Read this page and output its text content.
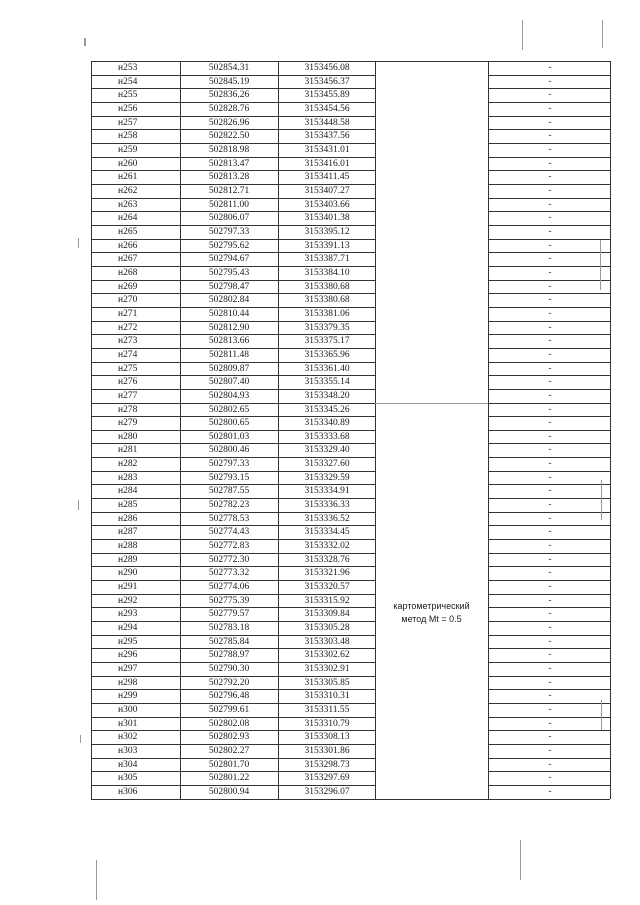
картометрический
метод Mt = 0.5
н253	502854.31	3153456.08	-
н254	502845.19	3153456.37	-
н255	502836.26	3153455.89	-
н256	502828.76	3153454.56	-
н257	502826.96	3153448.58	-
н258	502822.50	3153437.56	-
н259	502818.98	3153431.01	-
н260	502813.47	3153416.01	-
н261	502813.28	3153411.45	-
н262	502812.71	3153407.27	-
н263	502811.00	3153403.66	-
н264	502806.07	3153401.38	-
н265	502797.33	3153395.12	-
н266	502795.62	3153391.13	-
н267	502794.67	3153387.71	-
н268	502795.43	3153384.10	-
н269	502798.47	3153380.68	-
н270	502802.84	3153380.68	-
н271	502810.44	3153381.06	-
н272	502812.90	3153379.35	-
н273	502813.66	3153375.17	-
н274	502811.48	3153365.96	-
н275	502809.87	3153361.40	-
н276	502807.40	3153355.14	-
н277	502804.93	3153348.20	-
н278	502802.65	3153345.26	-
н279	502800.65	3153340.89	-
н280	502801.03	3153333.68	-
н281	502800.46	3153329.40	-
н282	502797.33	3153327.60	-
н283	502793.15	3153329.59	-
н284	502787.55	3153334.91	-
н285	502782.23	3153336.33	-
н286	502778.53	3153336.52	-
н287	502774.43	3153334.45	-
н288	502772.83	3153332.02	-
н289	502772.30	3153328.76	-
н290	502773.32	3153321.96	-
н291	502774.06	3153320.57	-
н292	502775.39	3153315.92	-
н293	502779.57	3153309.84	-
н294	502783.18	3153305.28	-
н295	502785.84	3153303.48	-
н296	502788.97	3153302.62	-
н297	502790.30	3153302.91	-
н298	502792.20	3153305.85	-
н299	502796.48	3153310.31	-
н300	502799.61	3153311.55	-
н301	502802.08	3153310.79	-
н302	502802.93	3153308.13	-
н303	502802.27	3153301.86	-
н304	502801.70	3153298.73	-
н305	502801.22	3153297.69	-
н306	502800.94	3153296.07	-
